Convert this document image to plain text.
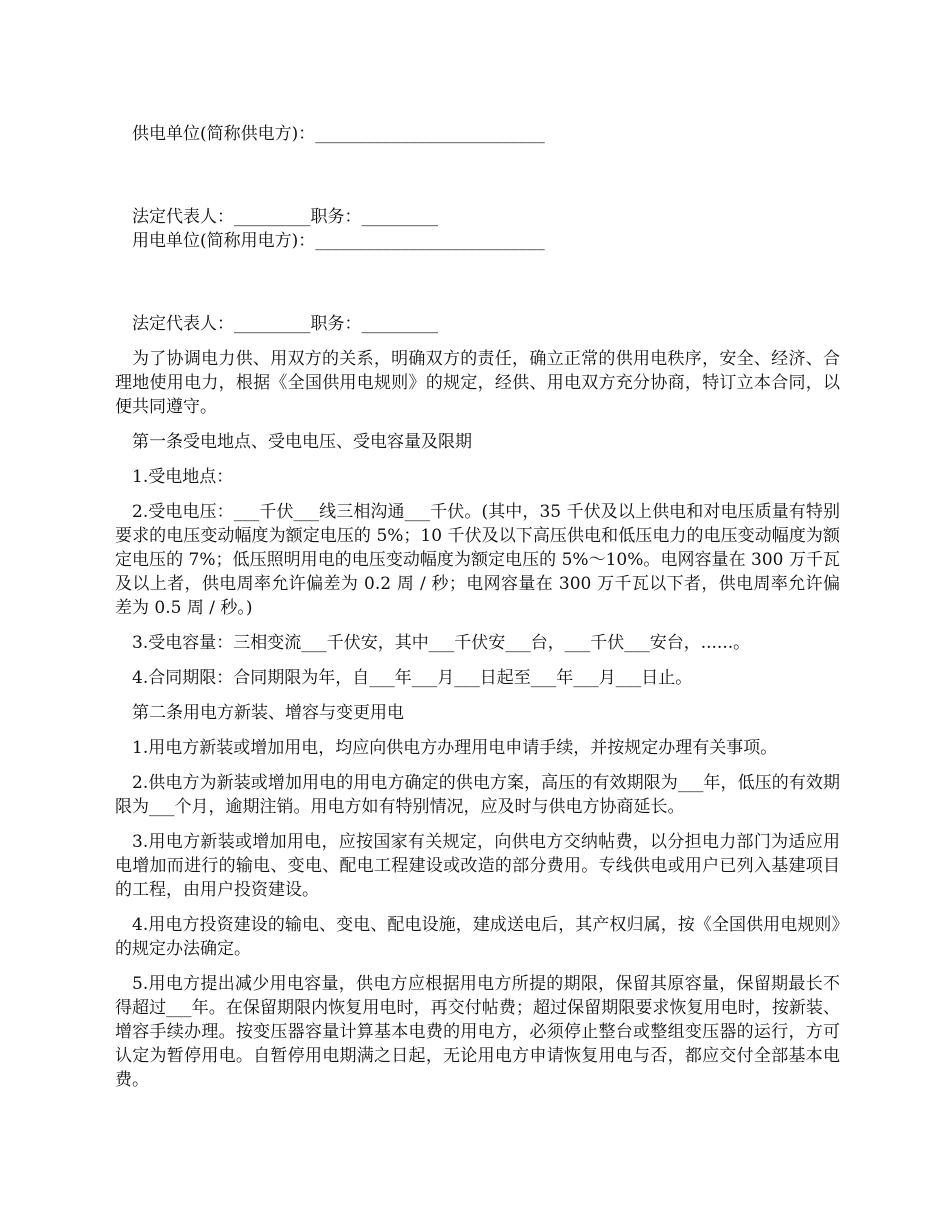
供电单位(简称供电方)：___________________________

法定代表人：_________职务：_________

用电单位(简称用电方)：___________________________

法定代表人：_________职务：_________

为了协调电力供、用双方的关系，明确双方的责任，确立正常的供用电秩序，安全、经济、合理地使用电力，根据《全国供用电规则》的规定，经供、用电双方充分协商，特订立本合同，以便共同遵守。

第一条受电地点、受电电压、受电容量及限期

1.受电地点：

2.受电电压：___千伏___线三相沟通___千伏。(其中，35 千伏及以上供电和对电压质量有特别要求的电压变动幅度为额定电压的 5%；10 千伏及以下高压供电和低压电力的电压变动幅度为额定电压的 7%；低压照明用电的电压变动幅度为额定电压的 5%～10%。电网容量在 300 万千瓦及以上者，供电周率允许偏差为 0.2 周 / 秒；电网容量在 300 万千瓦以下者，供电周率允许偏差为 0.5 周 / 秒。)

3.受电容量：三相变流___千伏安，其中___千伏安___台，___千伏___安台，......。

4.合同期限：合同期限为年，自___年___月___日起至___年___月___日止。

第二条用电方新装、增容与变更用电

1.用电方新装或增加用电，均应向供电方办理用电申请手续，并按规定办理有关事项。

2.供电方为新装或增加用电的用电方确定的供电方案，高压的有效期限为___年，低压的有效期限为___个月，逾期注销。用电方如有特别情况，应及时与供电方协商延长。

3.用电方新装或增加用电，应按国家有关规定，向供电方交纳帖费，以分担电力部门为适应用电增加而进行的输电、变电、配电工程建设或改造的部分费用。专线供电或用户已列入基建项目的工程，由用户投资建设。

4.用电方投资建设的输电、变电、配电设施，建成送电后，其产权归属，按《全国供用电规则》的规定办法确定。

5.用电方提出减少用电容量，供电方应根据用电方所提的期限，保留其原容量，保留期最长不得超过___年。在保留期限内恢复用电时，再交付帖费；超过保留期限要求恢复用电时，按新装、增容手续办理。按变压器容量计算基本电费的用电方，必须停止整台或整组变压器的运行，方可认定为暂停用电。自暂停用电期满之日起，无论用电方申请恢复用电与否，都应交付全部基本电费。
